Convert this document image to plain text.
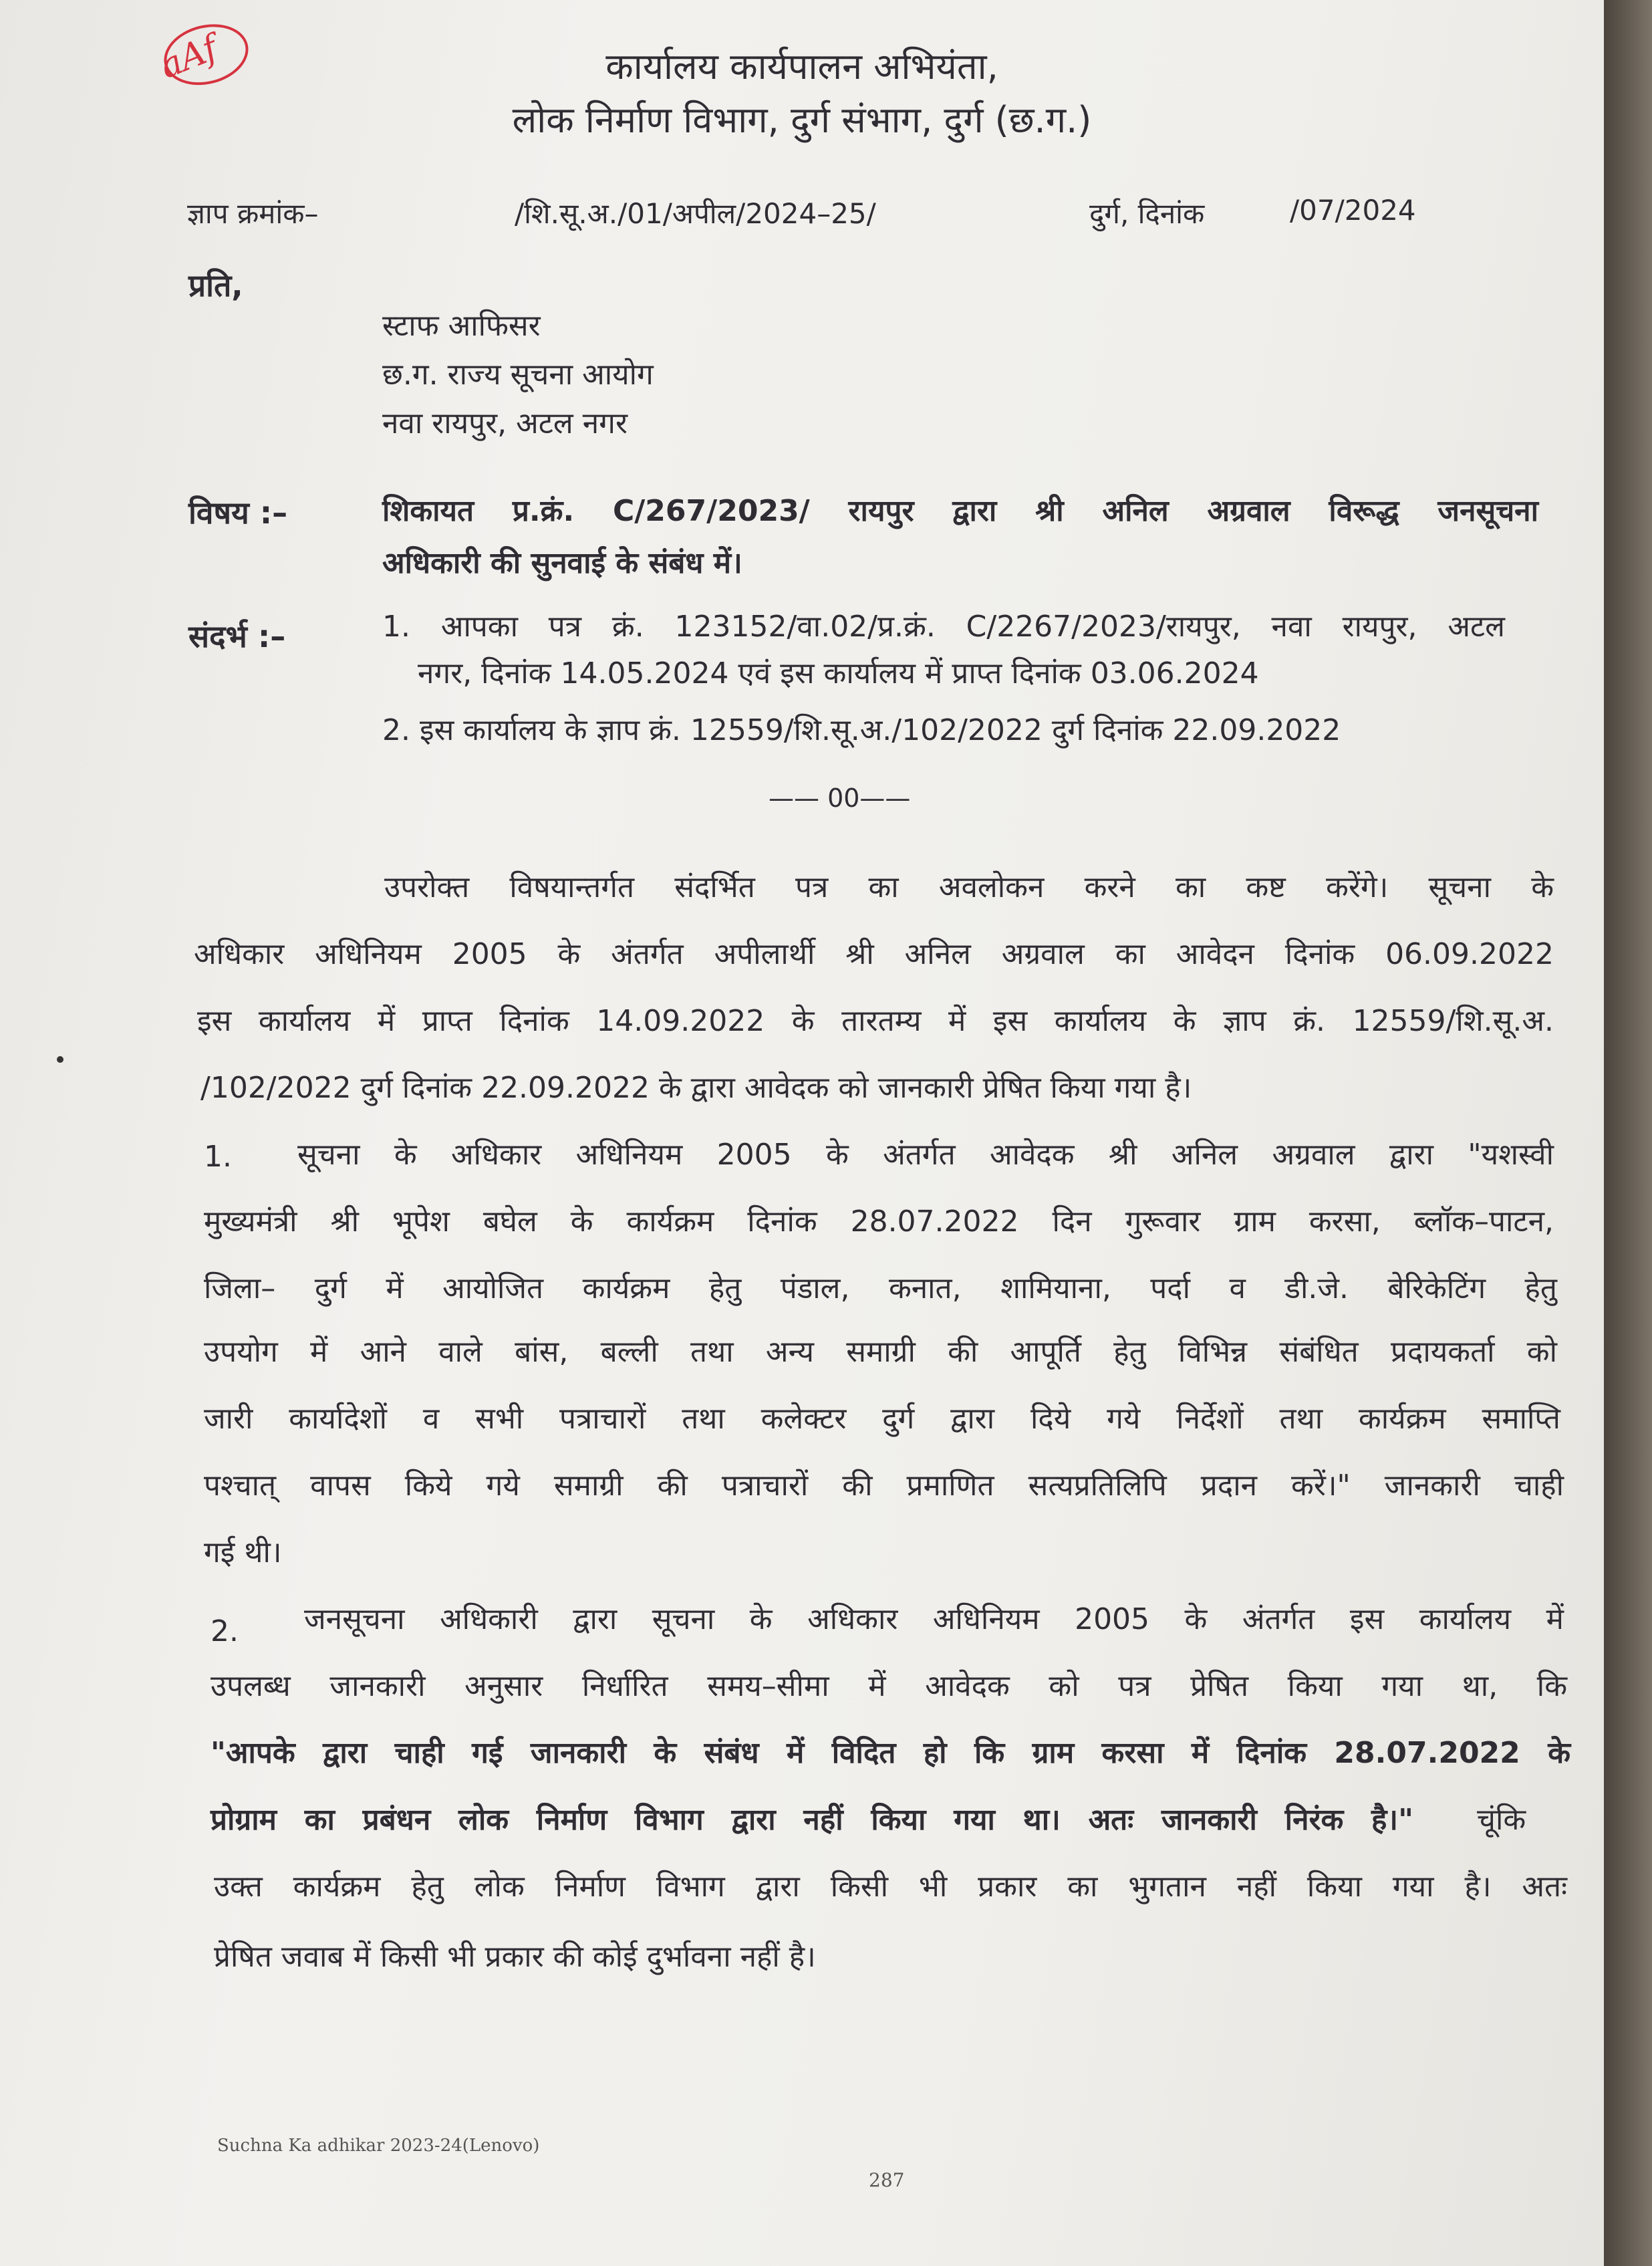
aAf	कार्यालय कार्यपालन अभियंता,
लोक निर्माण विभाग, दुर्ग संभाग, दुर्ग (छ.ग.)
ज्ञाप क्रमांक–	/शि.सू.अ./01/अपील/2024–25/	दुर्ग, दिनांक	/07/2024
प्रति,
स्टाफ आफिसर
छ.ग. राज्य सूचना आयोग
नवा रायपुर, अटल नगर
विषय :–	शिकायत प्र.क्रं. C/267/2023/ रायपुर द्वारा श्री अनिल अग्रवाल विरूद्ध जनसूचना
अधिकारी की सुनवाई के संबंध में।
संदर्भ :–	1. आपका पत्र क्रं. 123152/वा.02/प्र.क्रं. C/2267/2023/रायपुर, नवा रायपुर, अटल
नगर, दिनांक 14.05.2024 एवं इस कार्यालय में प्राप्त दिनांक 03.06.2024
2. इस कार्यालय के ज्ञाप क्रं. 12559/शि.सू.अ./102/2022 दुर्ग दिनांक 22.09.2022
—— 00——
उपरोक्त विषयान्तर्गत संदर्भित पत्र का अवलोकन करने का कष्ट करेंगे। सूचना के
अधिकार अधिनियम 2005 के अंतर्गत अपीलार्थी श्री अनिल अग्रवाल का आवेदन दिनांक 06.09.2022
इस कार्यालय में प्राप्त दिनांक 14.09.2022 के तारतम्य में इस कार्यालय के ज्ञाप क्रं. 12559/शि.सू.अ.
/102/2022 दुर्ग दिनांक 22.09.2022 के द्वारा आवेदक को जानकारी प्रेषित किया गया है।
1. सूचना के अधिकार अधिनियम 2005 के अंतर्गत आवेदक श्री अनिल अग्रवाल द्वारा "यशस्वी
मुख्यमंत्री श्री भूपेश बघेल के कार्यक्रम दिनांक 28.07.2022 दिन गुरूवार ग्राम करसा, ब्लॉक–पाटन,
जिला– दुर्ग में आयोजित कार्यक्रम हेतु पंडाल, कनात, शामियाना, पर्दा व डी.जे. बेरिकेटिंग हेतु
उपयोग में आने वाले बांस, बल्ली तथा अन्य समाग्री की आपूर्ति हेतु विभिन्न संबंधित प्रदायकर्ता को
जारी कार्यादेशों व सभी पत्राचारों तथा कलेक्टर दुर्ग द्वारा दिये गये निर्देशों तथा कार्यक्रम समाप्ति
पश्चात् वापस किये गये समाग्री की पत्राचारों की प्रमाणित सत्यप्रतिलिपि प्रदान करें।" जानकारी चाही
गई थी।
2. जनसूचना अधिकारी द्वारा सूचना के अधिकार अधिनियम 2005 के अंतर्गत इस कार्यालय में
उपलब्ध जानकारी अनुसार निर्धारित समय–सीमा में आवेदक को पत्र प्रेषित किया गया था, कि
"आपके द्वारा चाही गई जानकारी के संबंध में विदित हो कि ग्राम करसा में दिनांक 28.07.2022 के
प्रोग्राम का प्रबंधन लोक निर्माण विभाग द्वारा नहीं किया गया था। अतः जानकारी निरंक है।" चूंकि
उक्त कार्यक्रम हेतु लोक निर्माण विभाग द्वारा किसी भी प्रकार का भुगतान नहीं किया गया है। अतः
प्रेषित जवाब में किसी भी प्रकार की कोई दुर्भावना नहीं है।
Suchna Ka adhikar 2023-24(Lenovo)
287
